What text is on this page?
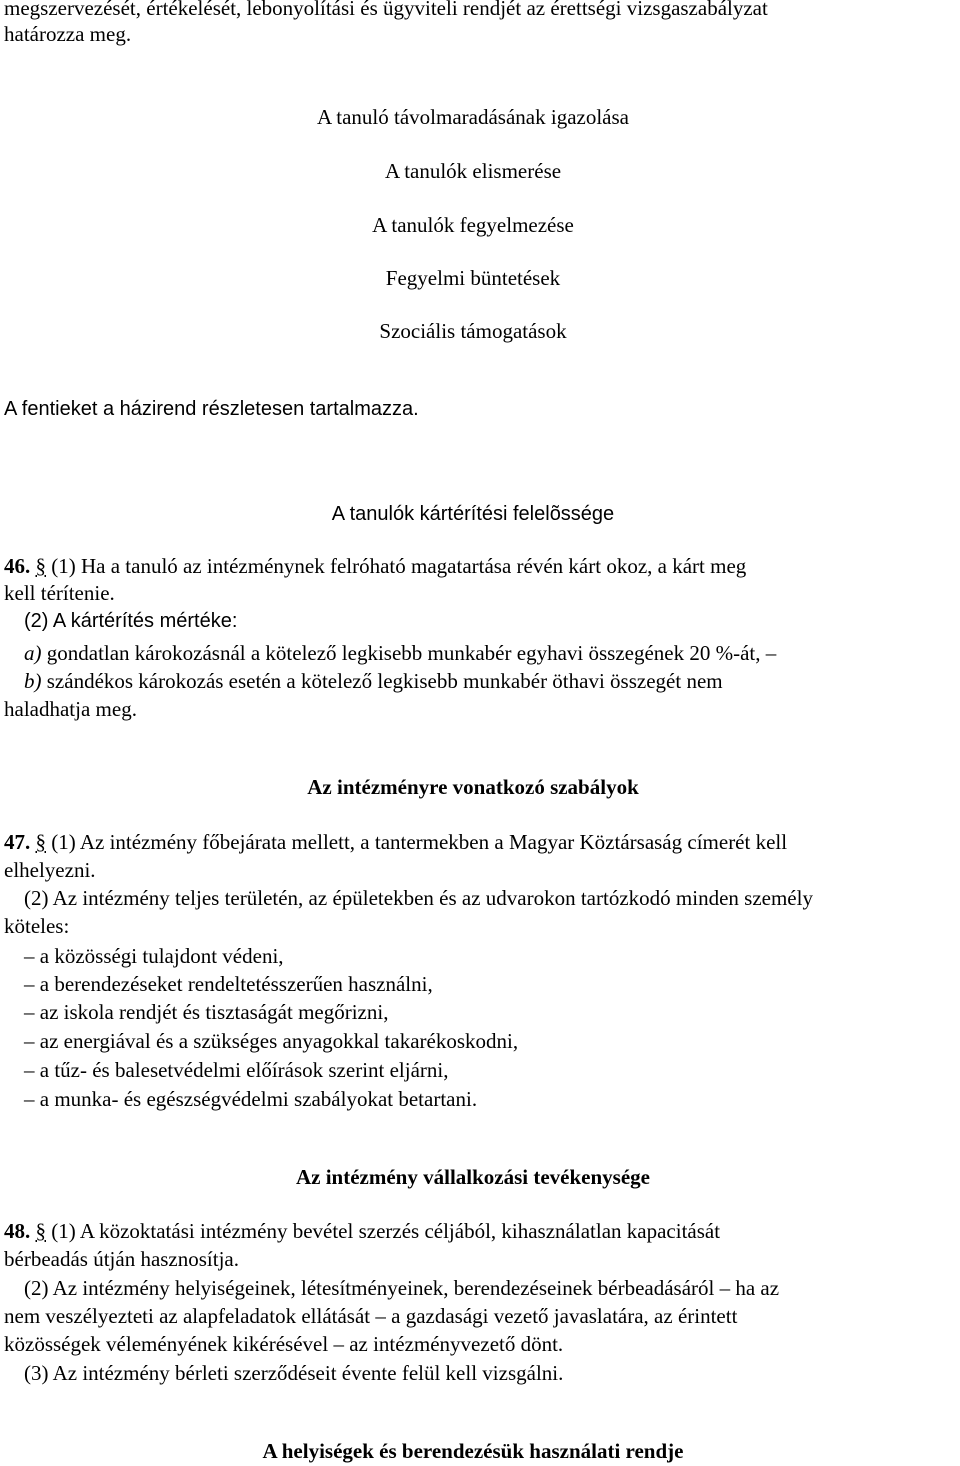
megszervezését, értékelését, lebonyolítási és ügyviteli rendjét az érettségi vizsgaszabályzat
határozza meg.
A tanuló távolmaradásának igazolása
A tanulók elismerése
A tanulók fegyelmezése
Fegyelmi büntetések
Szociális támogatások
A fentieket a házirend részletesen tartalmazza.
A tanulók kártérítési felelõssége
46. § (1) Ha a tanuló az intézménynek felróható magatartása révén kárt okoz, a kárt meg
kell térítenie.
(2) A kártérítés mértéke:
a) gondatlan károkozásnál a kötelező legkisebb munkabér egyhavi összegének 20 %-át, –
b) szándékos károkozás esetén a kötelező legkisebb munkabér öthavi összegét nem
haladhatja meg.
Az intézményre vonatkozó szabályok
47. § (1) Az intézmény főbejárata mellett, a tantermekben a Magyar Köztársaság címerét kell
elhelyezni.
(2) Az intézmény teljes területén, az épületekben és az udvarokon tartózkodó minden személy
köteles:
– a közösségi tulajdont védeni,
– a berendezéseket rendeltetésszerűen használni,
– az iskola rendjét és tisztaságát megőrizni,
– az energiával és a szükséges anyagokkal takarékoskodni,
– a tűz- és balesetvédelmi előírások szerint eljárni,
– a munka- és egészségvédelmi szabályokat betartani.
Az intézmény vállalkozási tevékenysége
48. § (1) A közoktatási intézmény bevétel szerzés céljából, kihasználatlan kapacitását
bérbeadás útján hasznosítja.
(2) Az intézmény helyiségeinek, létesítményeinek, berendezéseinek bérbeadásáról – ha az
nem veszélyezteti az alapfeladatok ellátását – a gazdasági vezető javaslatára, az érintett
közösségek véleményének kikérésével – az intézményvezető dönt.
(3) Az intézmény bérleti szerződéseit évente felül kell vizsgálni.
A helyiségek és berendezésük használati rendje
